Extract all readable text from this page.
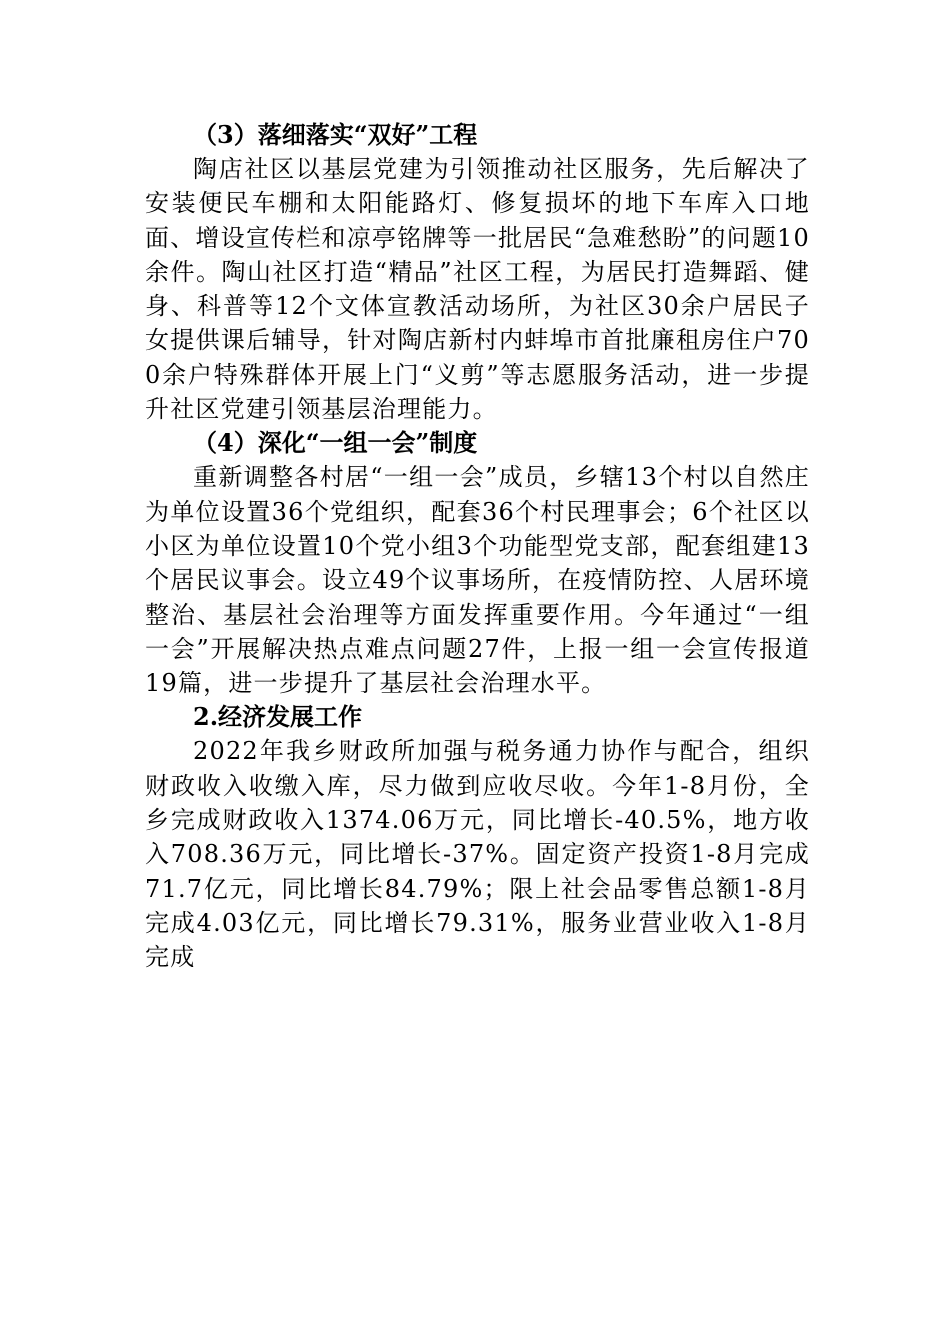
（3）落细落实“双好”工程

陶店社区以基层党建为引领推动社区服务，先后解决了安装便民车棚和太阳能路灯、修复损坏的地下车库入口地面、增设宣传栏和凉亭铭牌等一批居民“急难愁盼”的问题10余件。陶山社区打造“精品”社区工程，为居民打造舞蹈、健身、科普等12个文体宣教活动场所，为社区30余户居民子女提供课后辅导，针对陶店新村内蚌埠市首批廉租房住户700余户特殊群体开展上门“义剪”等志愿服务活动，进一步提升社区党建引领基层治理能力。

（4）深化“一组一会”制度

重新调整各村居“一组一会”成员，乡辖13个村以自然庄为单位设置36个党组织，配套36个村民理事会；6个社区以小区为单位设置10个党小组3个功能型党支部，配套组建13个居民议事会。设立49个议事场所，在疫情防控、人居环境整治、基层社会治理等方面发挥重要作用。今年通过“一组一会”开展解决热点难点问题27件，上报一组一会宣传报道19篇，进一步提升了基层社会治理水平。

2.经济发展工作

2022年我乡财政所加强与税务通力协作与配合，组织财政收入收缴入库，尽力做到应收尽收。今年1-8月份，全乡完成财政收入1374.06万元，同比增长-40.5%，地方收入708.36万元，同比增长-37%。固定资产投资1-8月完成71.7亿元，同比增长84.79%；限上社会品零售总额1-8月完成4.03亿元，同比增长79.31%，服务业营业收入1-8月完成
